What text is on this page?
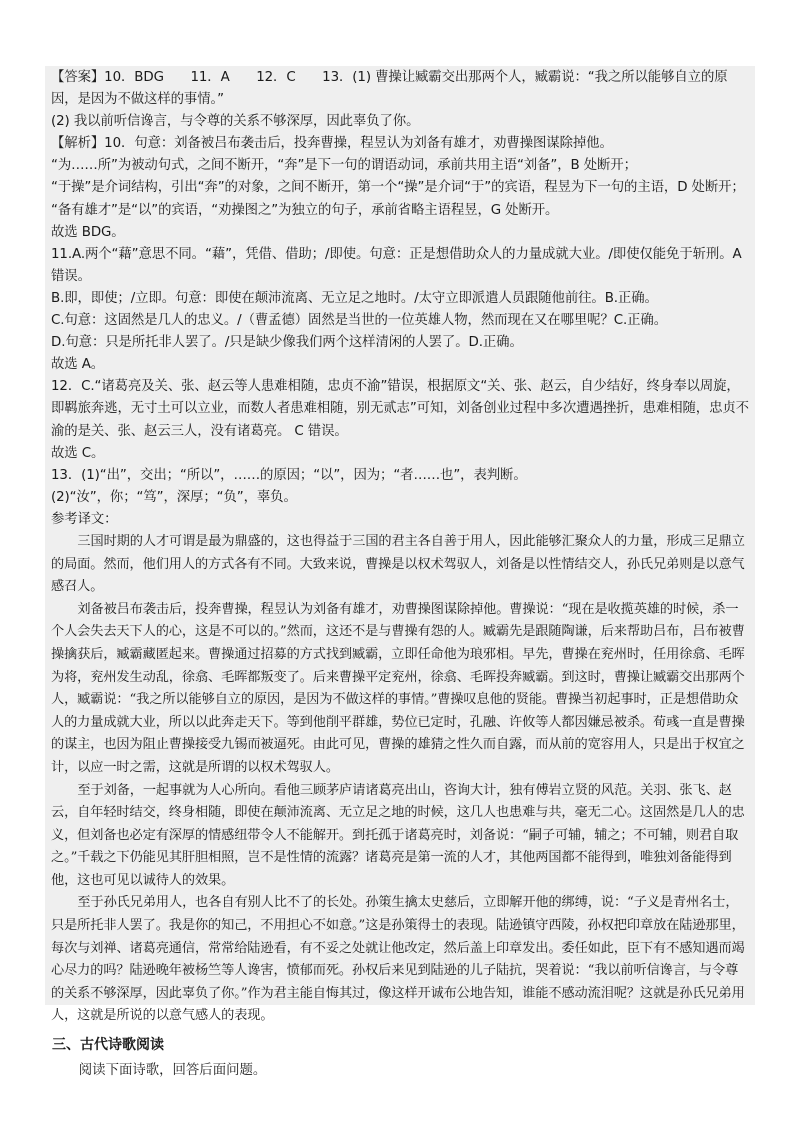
【答案】10．BDG　　11．A　　12．C　　13．(1) 曹操让臧霸交出那两个人，臧霸说：“我之所以能够自立的原因，是因为不做这样的事情。”

(2) 我以前听信谗言，与令尊的关系不够深厚，因此辜负了你。

【解析】10．句意：刘备被吕布袭击后，投奔曹操，程昱认为刘备有雄才，劝曹操图谋除掉他。

“为……所”为被动句式，之间不断开，“奔”是下一句的谓语动词，承前共用主语“刘备”，B 处断开；

“于操”是介词结构，引出“奔”的对象，之间不断开，第一个“操”是介词“于”的宾语，程昱为下一句的主语，D 处断开；

“备有雄才”是“以”的宾语，“劝操图之”为独立的句子，承前省略主语程昱，G 处断开。

故选 BDG。

11.A.两个“藉”意思不同。“藉”，凭借、借助；/即使。句意：正是想借助众人的力量成就大业。/即使仅能免于斩刑。A 错误。

B.即，即使；/立即。句意：即使在颠沛流离、无立足之地时。/太守立即派遣人员跟随他前往。B.正确。

C.句意：这固然是几人的忠义。/（曹孟德）固然是当世的一位英雄人物，然而现在又在哪里呢？C.正确。

D.句意：只是所托非人罢了。/只是缺少像我们两个这样清闲的人罢了。D.正确。

故选 A。

12．C.“诸葛亮及关、张、赵云等人患难相随，忠贞不渝”错误，根据原文“关、张、赵云，自少结好，终身奉以周旋，即羁旅奔逃，无寸土可以立业，而数人者患难相随，别无贰志”可知，刘备创业过程中多次遭遇挫折，患难相随，忠贞不渝的是关、张、赵云三人，没有诸葛亮。 C 错误。

故选 C。

13．(1)“出”，交出；“所以”，……的原因；“以”，因为；“者……也”，表判断。

(2)“汝”，你；“笃”，深厚；“负”，辜负。

参考译文：

三国时期的人才可谓是最为鼎盛的，这也得益于三国的君主各自善于用人，因此能够汇聚众人的力量，形成三足鼎立的局面。然而，他们用人的方式各有不同。大致来说，曹操是以权术驾驭人，刘备是以性情结交人，孙氏兄弟则是以意气感召人。

刘备被吕布袭击后，投奔曹操，程昱认为刘备有雄才，劝曹操图谋除掉他。曹操说：“现在是收揽英雄的时候，杀一个人会失去天下人的心，这是不可以的。”然而，这还不是与曹操有怨的人。臧霸先是跟随陶谦，后来帮助吕布，吕布被曹操擒获后，臧霸藏匿起来。曹操通过招募的方式找到臧霸，立即任命他为琅邪相。早先，曹操在兖州时，任用徐翕、毛晖为将，兖州发生动乱，徐翕、毛晖都叛变了。后来曹操平定兖州，徐翕、毛晖投奔臧霸。到这时，曹操让臧霸交出那两个人，臧霸说：“我之所以能够自立的原因，是因为不做这样的事情。”曹操叹息他的贤能。曹操当初起事时，正是想借助众人的力量成就大业，所以以此奔走天下。等到他削平群雄，势位已定时，孔融、许攸等人都因嫌忌被杀。荀彧一直是曹操的谋主，也因为阻止曹操接受九锡而被逼死。由此可见，曹操的雄猜之性久而自露，而从前的宽容用人，只是出于权宜之计，以应一时之需，这就是所谓的以权术驾驭人。

至于刘备，一起事就为人心所向。看他三顾茅庐请诸葛亮出山，咨询大计，独有傅岩立贤的风范。关羽、张飞、赵云，自年轻时结交，终身相随，即使在颠沛流离、无立足之地的时候，这几人也患难与共，毫无二心。这固然是几人的忠义，但刘备也必定有深厚的情感纽带令人不能解开。到托孤于诸葛亮时，刘备说：“嗣子可辅，辅之；不可辅，则君自取之。”千载之下仍能见其肝胆相照，岂不是性情的流露？诸葛亮是第一流的人才，其他两国都不能得到，唯独刘备能得到他，这也可见以诚待人的效果。

至于孙氏兄弟用人，也各自有别人比不了的长处。孙策生擒太史慈后，立即解开他的绑缚，说：“子义是青州名士，只是所托非人罢了。我是你的知己，不用担心不如意。”这是孙策得士的表现。陆逊镇守西陵，孙权把印章放在陆逊那里，每次与刘禅、诸葛亮通信，常常给陆逊看，有不妥之处就让他改定，然后盖上印章发出。委任如此，臣下有不感知遇而竭心尽力的吗？陆逊晚年被杨竺等人谗害，愤郁而死。孙权后来见到陆逊的儿子陆抗，哭着说：“我以前听信谗言，与令尊的关系不够深厚，因此辜负了你。”作为君主能自悔其过，像这样开诚布公地告知，谁能不感动流泪呢？这就是孙氏兄弟用人，这就是所说的以意气感人的表现。

三、古代诗歌阅读

阅读下面诗歌，回答后面问题。
